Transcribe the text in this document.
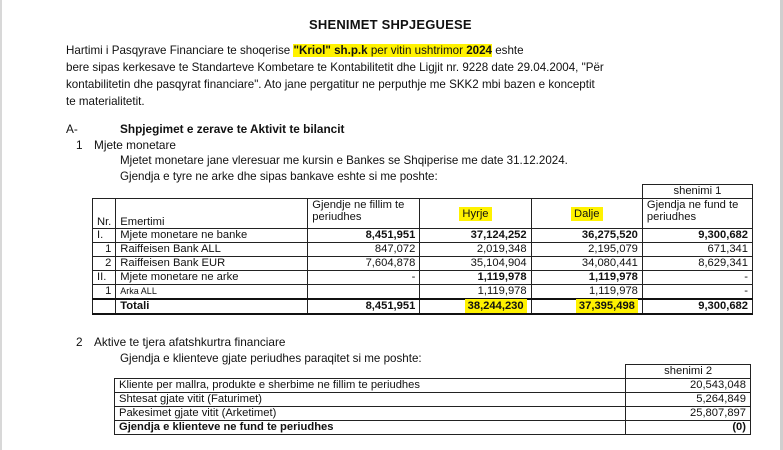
SHENIMET SHPJEGUESE
Hartimi i Pasqyrave Financiare te shoqerise "Kriol" sh.p.k per vitin ushtrimor 2024 eshte
bere sipas kerkesave te Standarteve Kombetare te Kontabilitetit dhe Ligjit nr. 9228 date 29.04.2004, "Për
kontabilitetin dhe pasqyrat financiare". Ato jane pergatitur ne perputhje me SKK2 mbi bazen e konceptit
te materialitetit.
A-	Shpjegimet e zerave te Aktivit te bilancit
1 Mjete monetare
Mjetet monetare jane vleresuar me kursin e Bankes se Shqiperise me date 31.12.2024.
Gjendja e tyre ne arke dhe sipas bankave eshte si me poshte:
					shenimi 1
Nr.	Emertimi	Gjendje ne fillim te periudhes	Hyrje	Dalje	Gjendja ne fund te periudhes
I.	Mjete monetare ne banke	8,451,951	37,124,252	36,275,520	9,300,682
1	Raiffeisen Bank ALL	847,072	2,019,348	2,195,079	671,341
2	Raiffeisen Bank EUR	7,604,878	35,104,904	34,080,441	8,629,341
II.	Mjete monetare ne arke	-	1,119,978	1,119,978	-
1	Arka ALL		1,119,978	1,119,978	-
	Totali	8,451,951	38,244,230	37,395,498	9,300,682
2 Aktive te tjera afatshkurtra financiare
Gjendja e klienteve gjate periudhes paraqitet si me poshte:
	shenimi 2
Kliente per mallra, produkte e sherbime ne fillim te periudhes	20,543,048
Shtesat gjate vitit (Faturimet)	5,264,849
Pakesimet gjate vitit (Arketimet)	25,807,897
Gjendja e klienteve ne fund te periudhes	(0)
